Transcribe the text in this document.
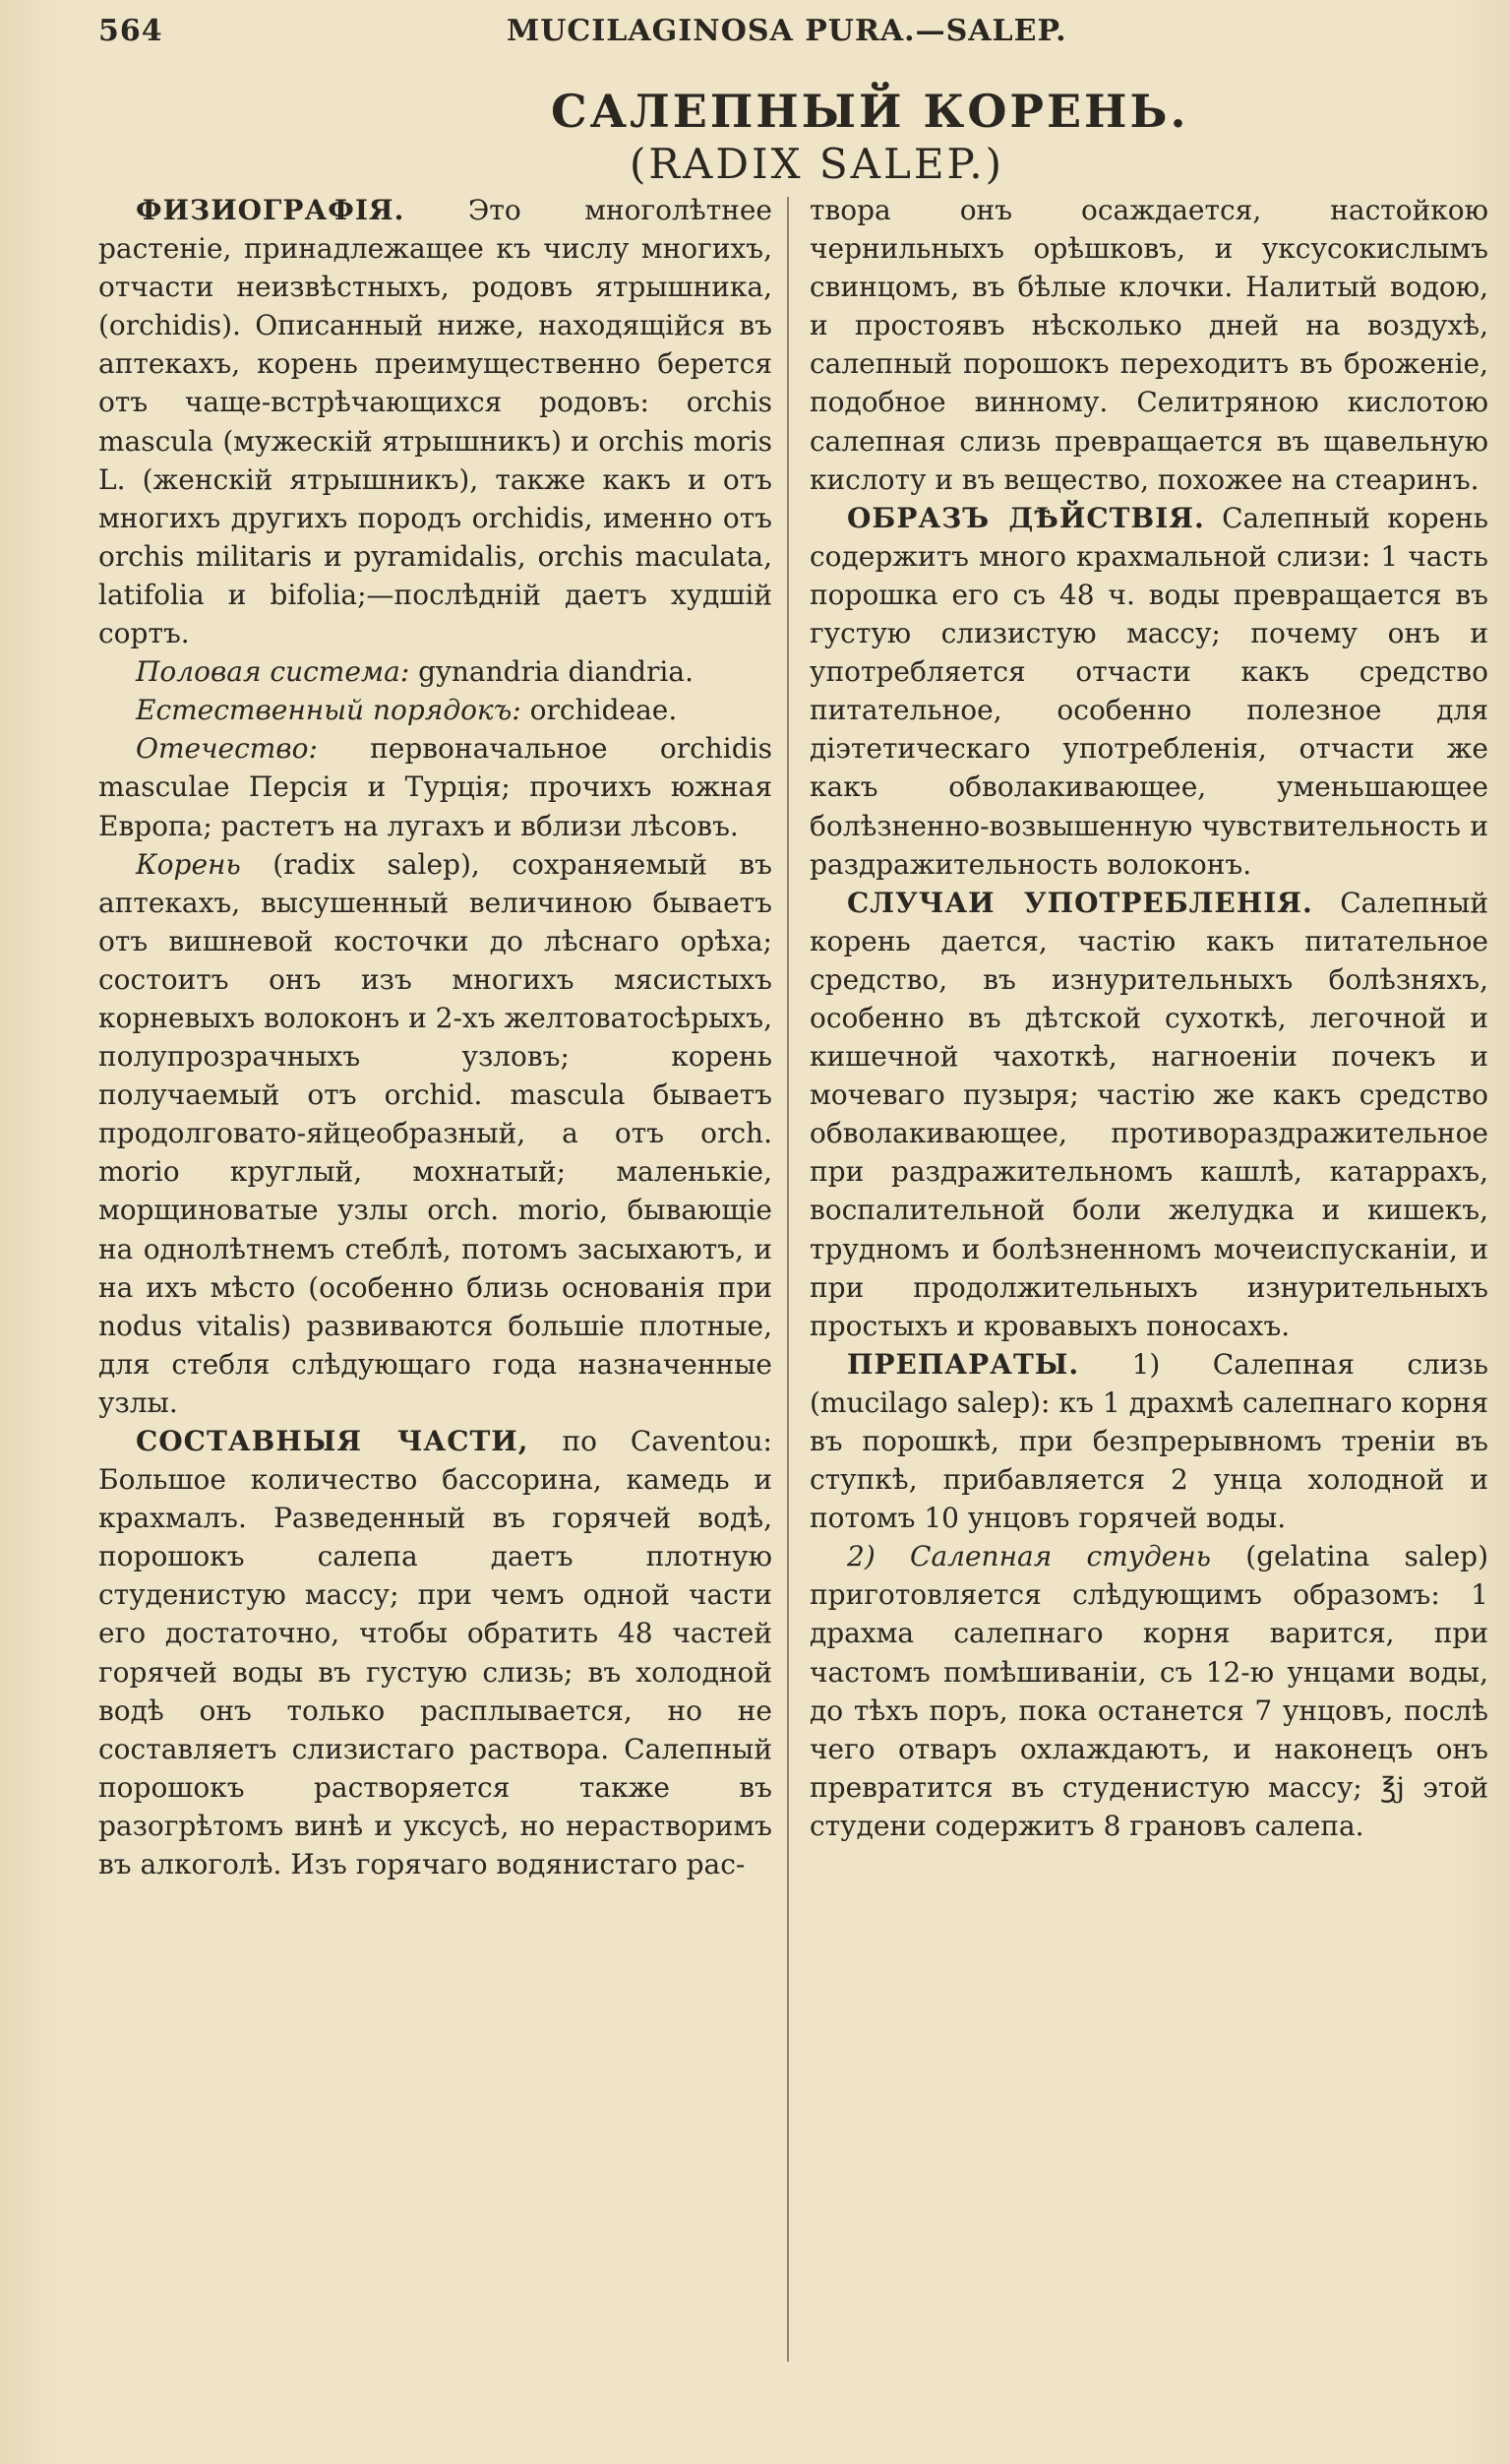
564	MUCILAGINOSA PURA.—SALEP.
САЛЕПНЫЙ КОРЕНЬ.
(RADIX SALEP.)

ФИЗИОГРАФІЯ. Это многолѣтнее растеніе, принадлежащее къ числу многихъ, отчасти неизвѣстныхъ, родовъ ятрышника, (orchidis). Описанный ниже, находящійся въ аптекахъ, корень преимущественно берется отъ чаще-встрѣчающихся родовъ: orchis mascula (мужескій ятрышникъ) и orchis moris L. (женскій ятрышникъ), также какъ и отъ многихъ другихъ породъ orchidis, именно отъ orchis militaris и pyramidalis, orchis maculata, latifolia и bifolia;—послѣдній даетъ худшій сортъ.

Половая система: gynandria diandria.

Естественный порядокъ: orchideae.

Отечество: первоначальное orchidis masculae Персія и Турція; прочихъ южная Европа; растетъ на лугахъ и вблизи лѣсовъ.

Корень (radix salep), сохраняемый въ аптекахъ, высушенный величиною бываетъ отъ вишневой косточки до лѣснаго орѣха; состоитъ онъ изъ многихъ мясистыхъ корневыхъ волоконъ и 2-хъ желтоватосѣрыхъ, полупрозрачныхъ узловъ; корень получаемый отъ orchid. mascula бываетъ продолговато-яйцеобразный, а отъ orch. morio круглый, мохнатый; маленькіе, морщиноватые узлы orch. morio, бывающіе на однолѣтнемъ стеблѣ, потомъ засыхаютъ, и на ихъ мѣсто (особенно близь основанія при nodus vitalis) развиваются большіе плотные, для стебля слѣдующаго года назначенные узлы.

СОСТАВНЫЯ ЧАСТИ, по Caventou: Большое количество бассорина, камедь и крахмалъ. Разведенный въ горячей водѣ, порошокъ салепа даетъ плотную студенистую массу; при чемъ одной части его достаточно, чтобы обратить 48 частей горячей воды въ густую слизь; въ холодной водѣ онъ только расплывается, но не составляетъ слизистаго раствора. Салепный порошокъ растворяется также въ разогрѣтомъ винѣ и уксусѣ, но нерастворимъ въ алкоголѣ. Изъ горячаго водянистаго рас-

твора онъ осаждается, настойкою чернильныхъ орѣшковъ, и уксусокислымъ свинцомъ, въ бѣлые клочки. Налитый водою, и простоявъ нѣсколько дней на воздухѣ, салепный порошокъ переходитъ въ броженіе, подобное винному. Селитряною кислотою салепная слизь превращается въ щавельную кислоту и въ вещество, похожее на стеаринъ.

ОБРАЗЪ ДѢЙСТВІЯ. Салепный корень содержитъ много крахмальной слизи: 1 часть порошка его съ 48 ч. воды превращается въ густую слизистую массу; почему онъ и употребляется отчасти какъ средство питательное, особенно полезное для діэтетическаго употребленія, отчасти же какъ обволакивающее, уменьшающее болѣзненно-возвышенную чувствительность и раздражительность волоконъ.

СЛУЧАИ УПОТРЕБЛЕНІЯ. Салепный корень дается, частію какъ питательное средство, въ изнурительныхъ болѣзняхъ, особенно въ дѣтской сухоткѣ, легочной и кишечной чахоткѣ, нагноеніи почекъ и мочеваго пузыря; частію же какъ средство обволакивающее, противораздражительное при раздражительномъ кашлѣ, катаррахъ, воспалительной боли желудка и кишекъ, трудномъ и болѣзненномъ мочеиспусканіи, и при продолжительныхъ изнурительныхъ простыхъ и кровавыхъ поносахъ.

ПРЕПАРАТЫ. 1) Салепная слизь (mucilago salep): къ 1 драхмѣ салепнаго корня въ порошкѣ, при безпрерывномъ треніи въ ступкѣ, прибавляется 2 унца холодной и потомъ 10 унцовъ горячей воды.

2) Салепная студень (gelatina salep) приготовляется слѣдующимъ образомъ: 1 драхма салепнаго корня варится, при частомъ помѣшиваніи, съ 12-ю унцами воды, до тѣхъ поръ, пока останется 7 унцовъ, послѣ чего отваръ охлаждаютъ, и наконецъ онъ превратится въ студенистую массу; ℥j этой студени содержитъ 8 грановъ салепа.
